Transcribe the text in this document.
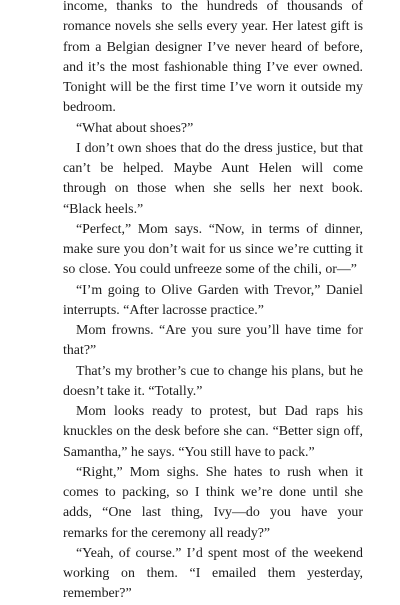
income, thanks to the hundreds of thousands of romance novels she sells every year. Her latest gift is from a Belgian designer I’ve never heard of before, and it’s the most fashionable thing I’ve ever owned. Tonight will be the first time I’ve worn it outside my bedroom.

“What about shoes?”

I don’t own shoes that do the dress justice, but that can’t be helped. Maybe Aunt Helen will come through on those when she sells her next book. “Black heels.”

“Perfect,” Mom says. “Now, in terms of dinner, make sure you don’t wait for us since we’re cutting it so close. You could unfreeze some of the chili, or—”

“I’m going to Olive Garden with Trevor,” Daniel interrupts. “After lacrosse practice.”

Mom frowns. “Are you sure you’ll have time for that?”

That’s my brother’s cue to change his plans, but he doesn’t take it. “Totally.”

Mom looks ready to protest, but Dad raps his knuckles on the desk before she can. “Better sign off, Samantha,” he says. “You still have to pack.”

“Right,” Mom sighs. She hates to rush when it comes to packing, so I think we’re done until she adds, “One last thing, Ivy—do you have your remarks for the ceremony all ready?”

“Yeah, of course.” I’d spent most of the weekend working on them. “I emailed them yesterday, remember?”
